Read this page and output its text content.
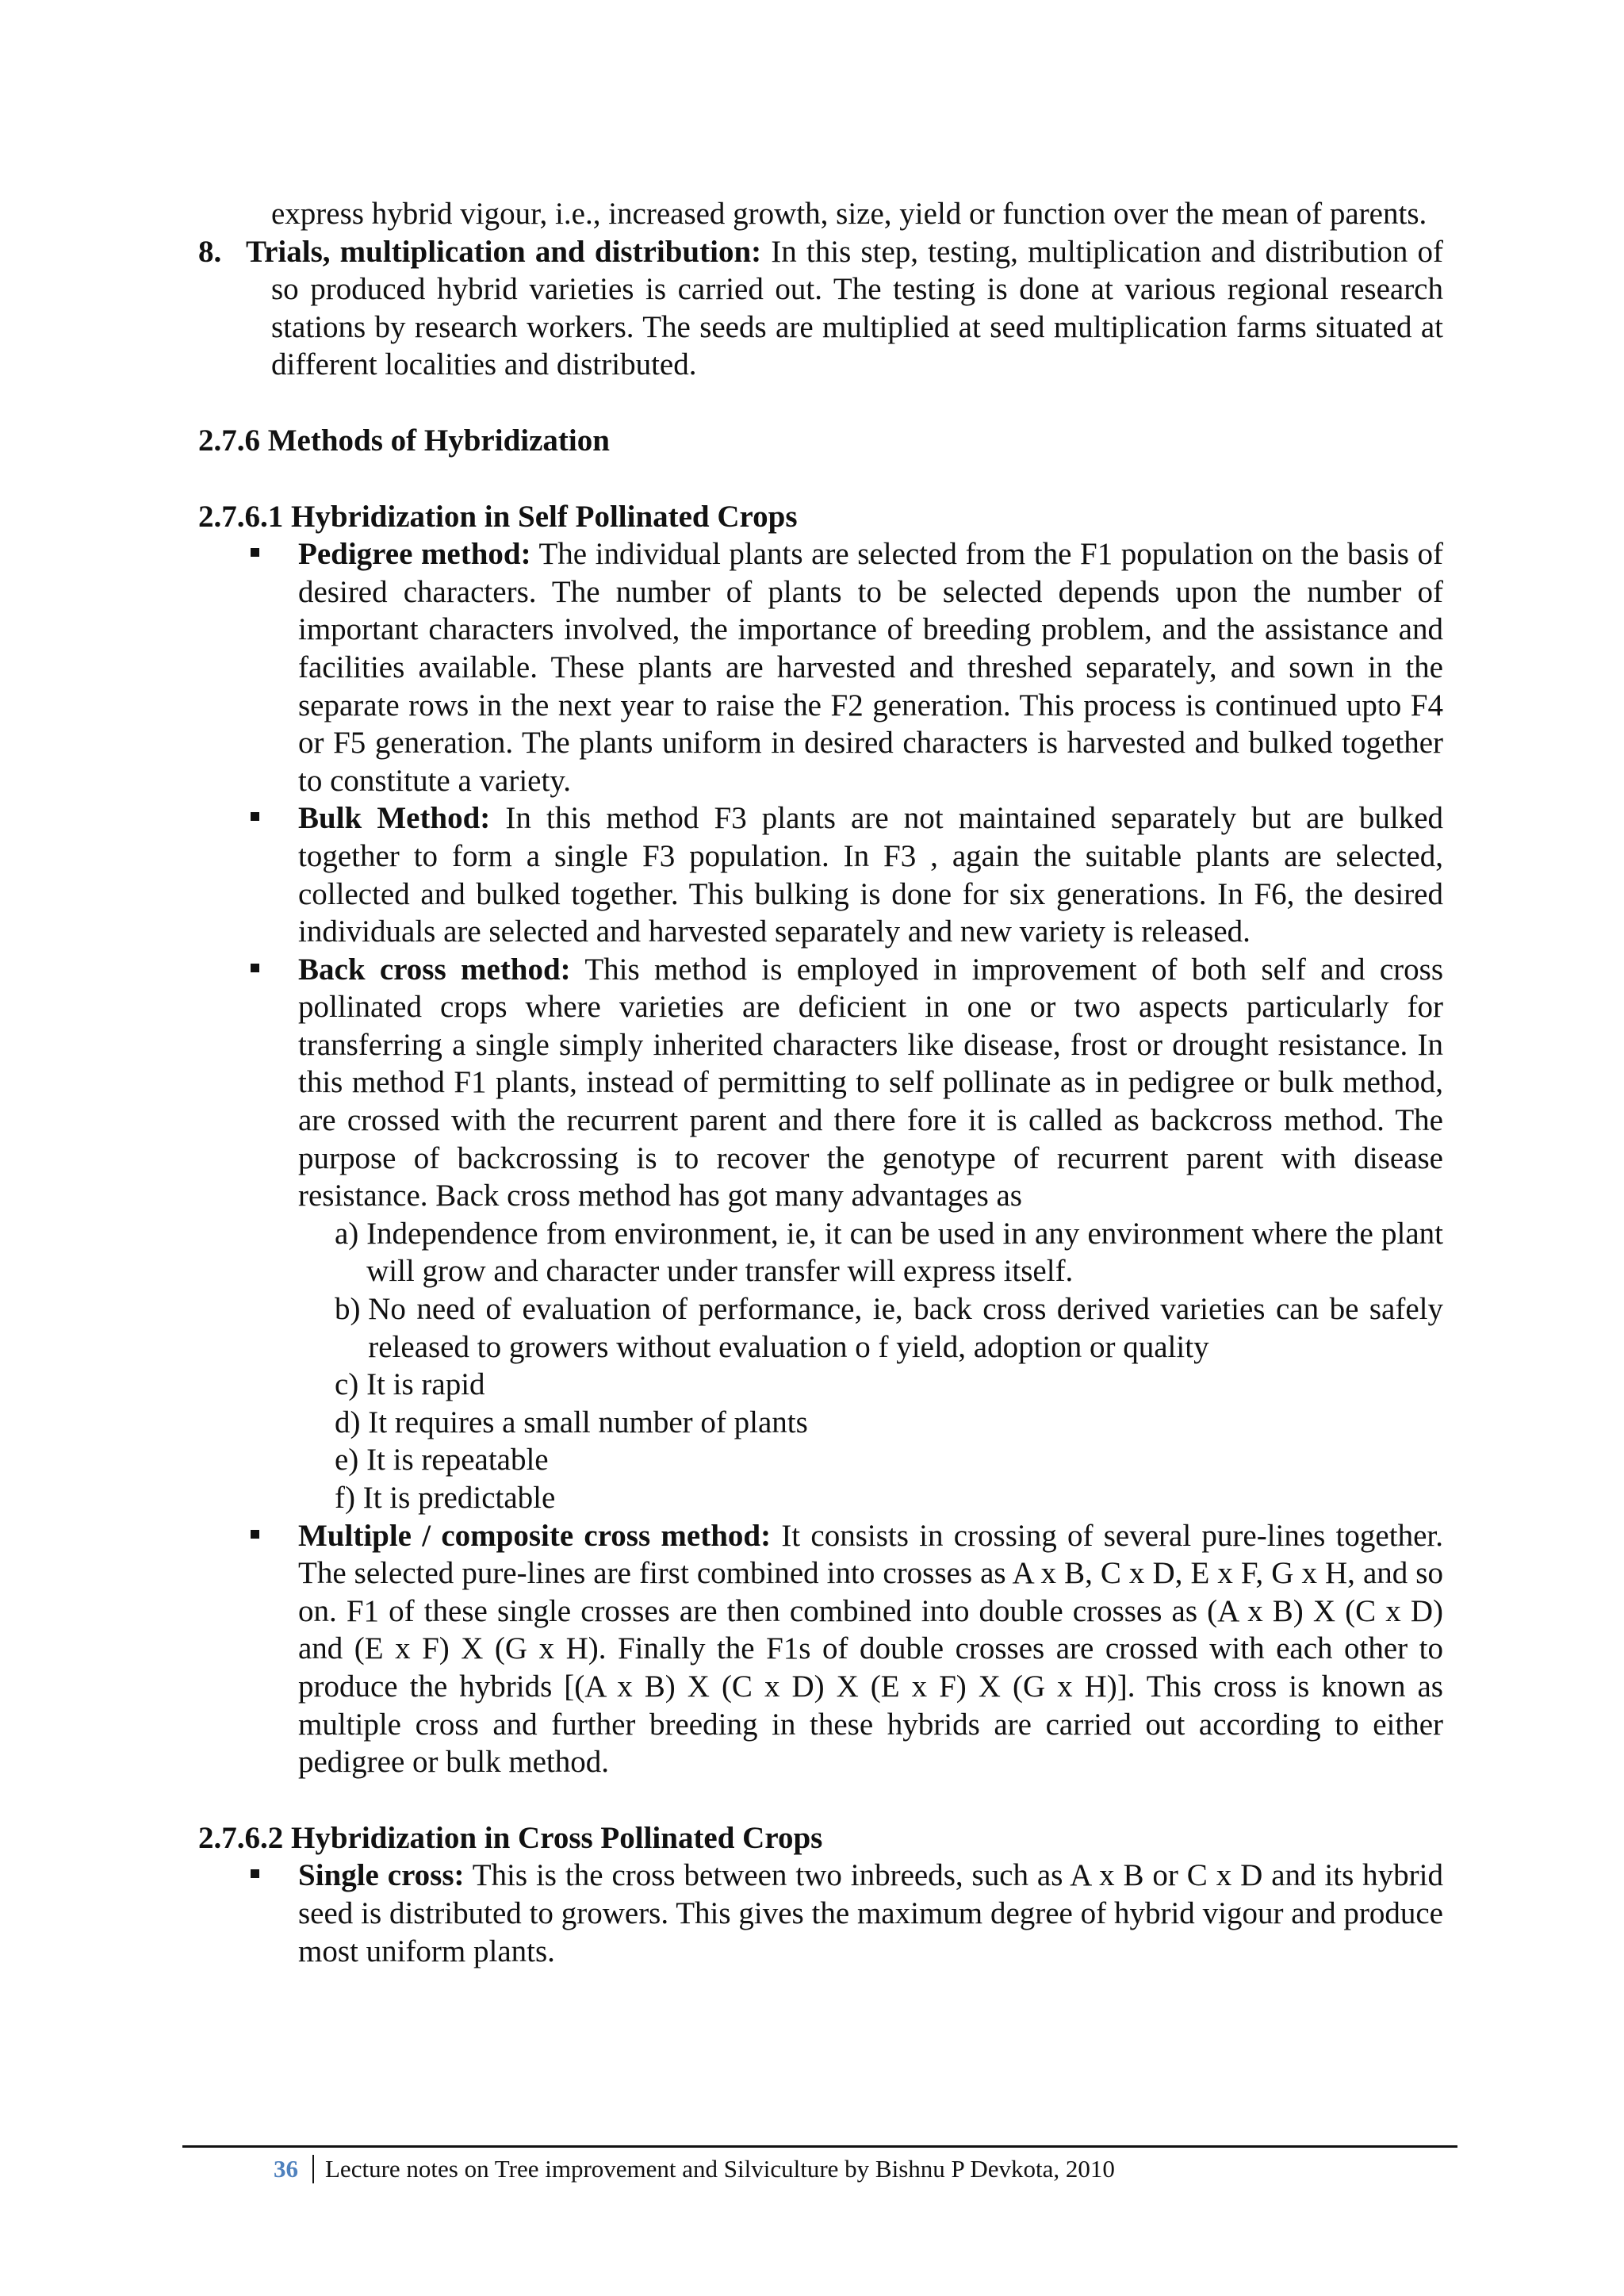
express hybrid vigour, i.e., increased growth, size, yield or function over the mean of parents.

8. Trials, multiplication and distribution: In this step, testing, multiplication and distribution of so produced hybrid varieties is carried out. The testing is done at various regional research stations by research workers. The seeds are multiplied at seed multiplication farms situated at different localities and distributed.

2.7.6 Methods of Hybridization

2.7.6.1 Hybridization in Self Pollinated Crops

Pedigree method: The individual plants are selected from the F1 population on the basis of desired characters. The number of plants to be selected depends upon the number of important characters involved, the importance of breeding problem, and the assistance and facilities available. These plants are harvested and threshed separately, and sown in the separate rows in the next year to raise the F2 generation. This process is continued upto F4 or F5 generation. The plants uniform in desired characters is harvested and bulked together to constitute a variety.

Bulk Method: In this method F3 plants are not maintained separately but are bulked together to form a single F3 population. In F3 , again the suitable plants are selected, collected and bulked together. This bulking is done for six generations. In F6, the desired individuals are selected and harvested separately and new variety is released.

Back cross method: This method is employed in improvement of both self and cross pollinated crops where varieties are deficient in one or two aspects particularly for transferring a single simply inherited characters like disease, frost or drought resistance. In this method F1 plants, instead of permitting to self pollinate as in pedigree or bulk method, are crossed with the recurrent parent and there fore it is called as backcross method. The purpose of backcrossing is to recover the genotype of recurrent parent with disease resistance. Back cross method has got many advantages as

a) Independence from environment, ie, it can be used in any environment where the plant will grow and character under transfer will express itself.

b) No need of evaluation of performance, ie, back cross derived varieties can be safely released to growers without evaluation o f yield, adoption or quality

c) It is rapid

d) It requires a small number of plants

e) It is repeatable

f) It is predictable

Multiple / composite cross method: It consists in crossing of several pure-lines together. The selected pure-lines are first combined into crosses as A x B, C x D, E x F, G x H, and so on. F1 of these single crosses are then combined into double crosses as (A x B) X (C x D) and (E x F) X (G x H). Finally the F1s of double crosses are crossed with each other to produce the hybrids [(A x B) X (C x D) X (E x F) X (G x H)]. This cross is known as multiple cross and further breeding in these hybrids are carried out according to either pedigree or bulk method.

2.7.6.2 Hybridization in Cross Pollinated Crops

Single cross: This is the cross between two inbreeds, such as A x B or C x D and its hybrid seed is distributed to growers. This gives the maximum degree of hybrid vigour and produce most uniform plants.

36 Lecture notes on Tree improvement and Silviculture by Bishnu P Devkota, 2010
